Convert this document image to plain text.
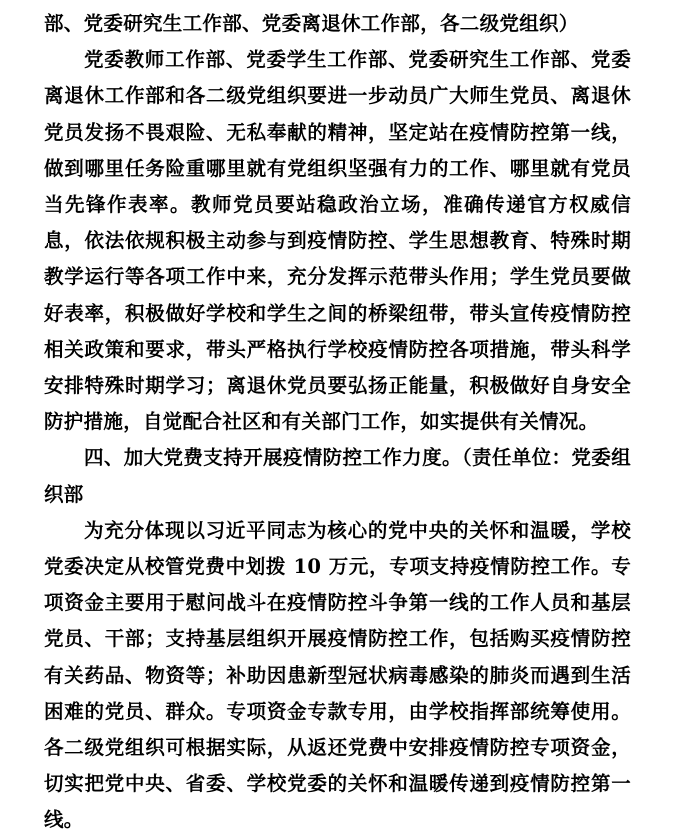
部、党委研究生工作部、党委离退休工作部，各二级党组织）

党委教师工作部、党委学生工作部、党委研究生工作部、党委离退休工作部和各二级党组织要进一步动员广大师生党员、离退休党员发扬不畏艰险、无私奉献的精神，坚定站在疫情防控第一线，做到哪里任务险重哪里就有党组织坚强有力的工作、哪里就有党员当先锋作表率。教师党员要站稳政治立场，准确传递官方权威信息，依法依规积极主动参与到疫情防控、学生思想教育、特殊时期教学运行等各项工作中来，充分发挥示范带头作用；学生党员要做好表率，积极做好学校和学生之间的桥梁纽带，带头宣传疫情防控相关政策和要求，带头严格执行学校疫情防控各项措施，带头科学安排特殊时期学习；离退休党员要弘扬正能量，积极做好自身安全防护措施，自觉配合社区和有关部门工作，如实提供有关情况。

四、加大党费支持开展疫情防控工作力度。（责任单位：党委组织部

为充分体现以习近平同志为核心的党中央的关怀和温暖，学校党委决定从校管党费中划拨 10 万元，专项支持疫情防控工作。专项资金主要用于慰问战斗在疫情防控斗争第一线的工作人员和基层党员、干部；支持基层组织开展疫情防控工作，包括购买疫情防控有关药品、物资等；补助因患新型冠状病毒感染的肺炎而遇到生活困难的党员、群众。专项资金专款专用，由学校指挥部统筹使用。各二级党组织可根据实际，从返还党费中安排疫情防控专项资金，切实把党中央、省委、学校党委的关怀和温暖传递到疫情防控第一线。
